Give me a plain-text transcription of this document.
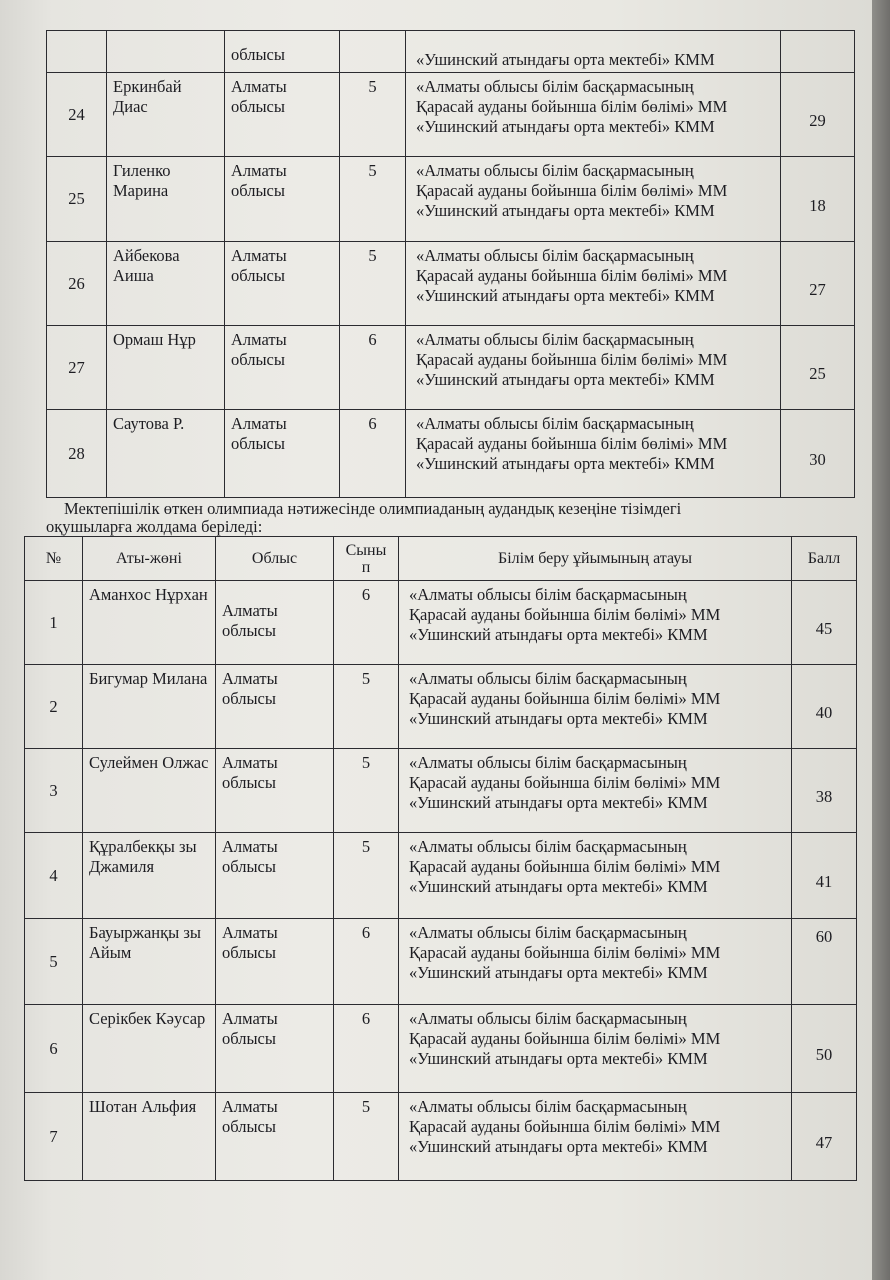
		облысы		«Ушинский атындағы орта мектебі» КММ	
24	Еркинбай Диас	Алматы облысы	5	«Алматы облысы білім басқармасының
Қарасай ауданы бойынша білім бөлімі» ММ
«Ушинский атындағы орта мектебі» КММ	29
25	Гиленко Марина	Алматы облысы	5	«Алматы облысы білім басқармасының
Қарасай ауданы бойынша білім бөлімі» ММ
«Ушинский атындағы орта мектебі» КММ	18
26	Айбекова Аиша	Алматы облысы	5	«Алматы облысы білім басқармасының
Қарасай ауданы бойынша білім бөлімі» ММ
«Ушинский атындағы орта мектебі» КММ	27
27	Ормаш Нұр	Алматы облысы	6	«Алматы облысы білім басқармасының
Қарасай ауданы бойынша білім бөлімі» ММ
«Ушинский атындағы орта мектебі» КММ	25
28	Саутова Р.	Алматы облысы	6	«Алматы облысы білім басқармасының
Қарасай ауданы бойынша білім бөлімі» ММ
«Ушинский атындағы орта мектебі» КММ	30
Мектепішілік өткен олимпиада нәтижесінде олимпиаданың аудандық кезеңіне тізімдегі
оқушыларға жолдама беріледі:
№	Аты-жөні	Облыс	Сыны
п	Білім беру ұйымының атауы	Балл
1	Аманхос Нұрхан	Алматы облысы	6	«Алматы облысы білім басқармасының
Қарасай ауданы бойынша білім бөлімі» ММ
«Ушинский атындағы орта мектебі» КММ	45
2	Бигумар Милана	Алматы облысы	5	«Алматы облысы білім басқармасының
Қарасай ауданы бойынша білім бөлімі» ММ
«Ушинский атындағы орта мектебі» КММ	40
3	Сулеймен Олжас	Алматы облысы	5	«Алматы облысы білім басқармасының
Қарасай ауданы бойынша білім бөлімі» ММ
«Ушинский атындағы орта мектебі» КММ	38
4	Құралбекқы зы Джамиля	Алматы облысы	5	«Алматы облысы білім басқармасының
Қарасай ауданы бойынша білім бөлімі» ММ
«Ушинский атындағы орта мектебі» КММ	41
5	Бауыржанқы зы Айым	Алматы облысы	6	«Алматы облысы білім басқармасының
Қарасай ауданы бойынша білім бөлімі» ММ
«Ушинский атындағы орта мектебі» КММ	60
6	Серікбек Кәусар	Алматы облысы	6	«Алматы облысы білім басқармасының
Қарасай ауданы бойынша білім бөлімі» ММ
«Ушинский атындағы орта мектебі» КММ	50
7	Шотан Альфия	Алматы облысы	5	«Алматы облысы білім басқармасының
Қарасай ауданы бойынша білім бөлімі» ММ
«Ушинский атындағы орта мектебі» КММ	47
